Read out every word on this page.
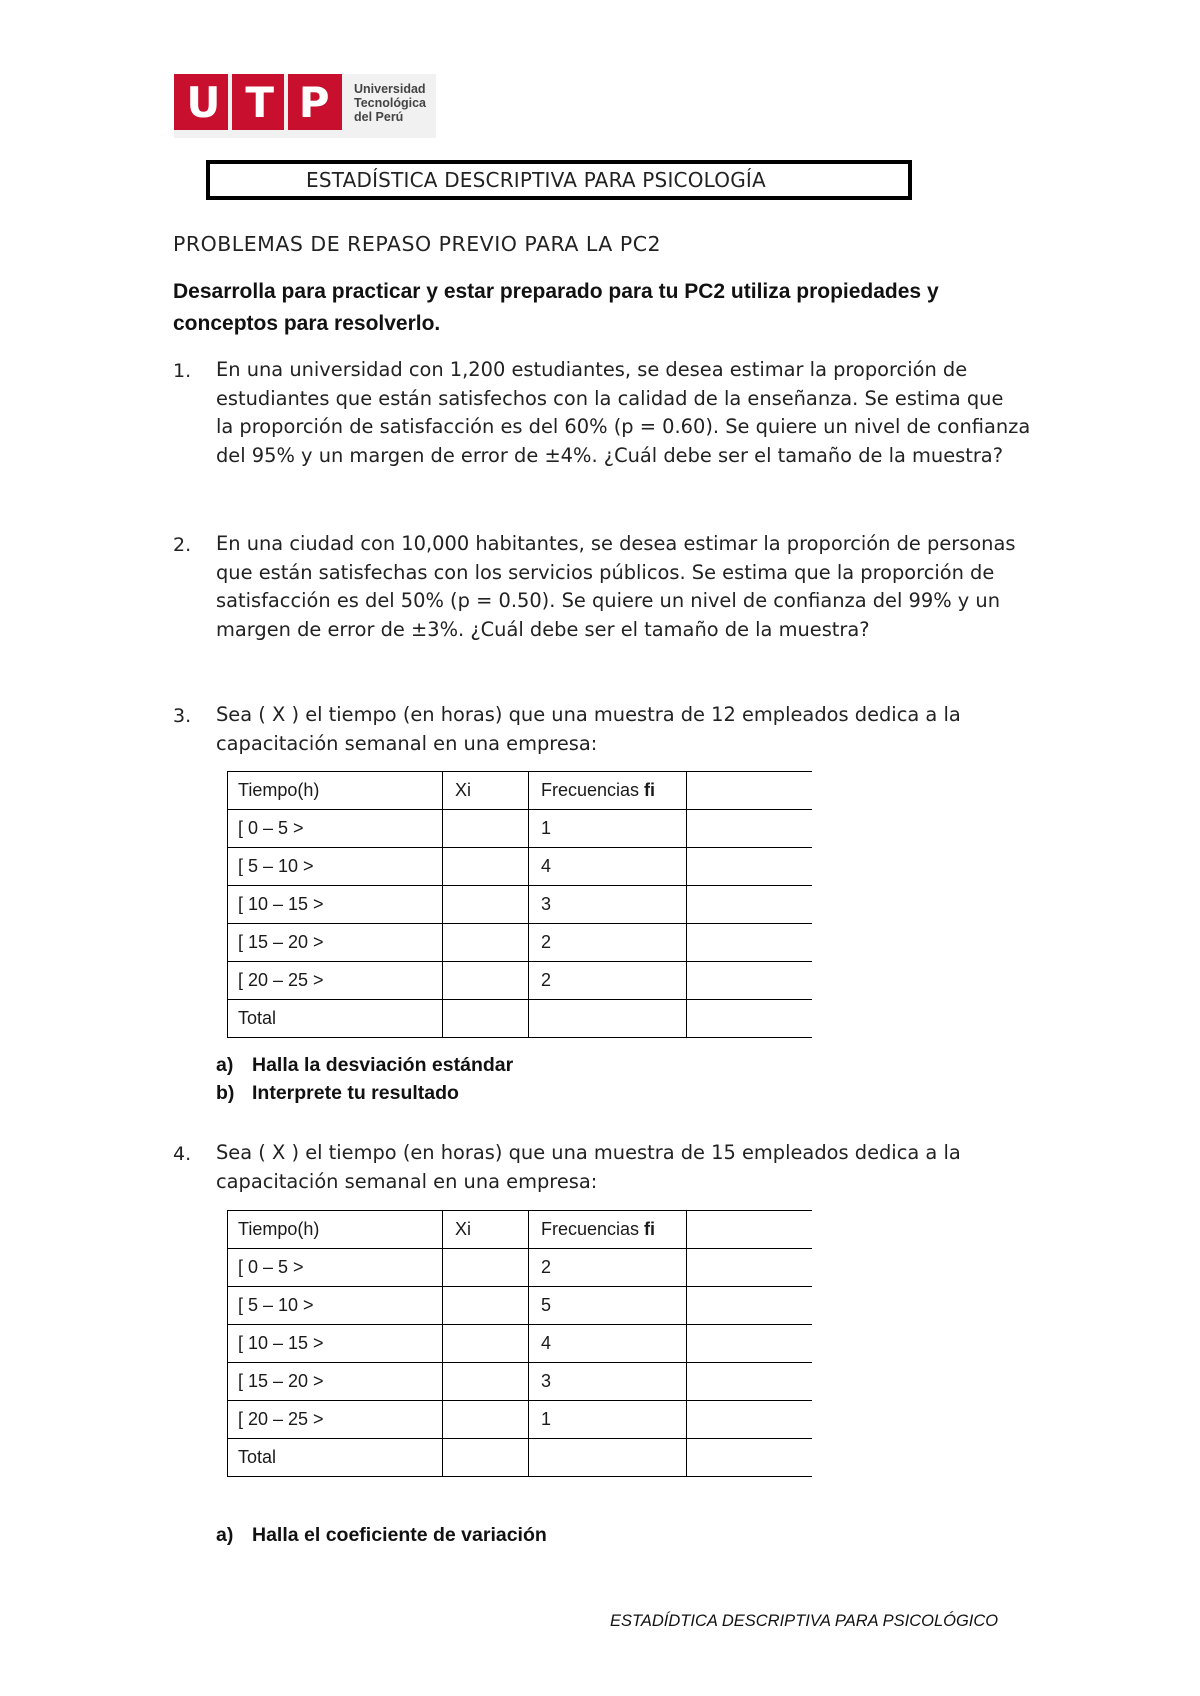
U T P Universidad
Tecnológica
del Perú
ESTADÍSTICA DESCRIPTIVA PARA PSICOLOGÍA
PROBLEMAS DE REPASO PREVIO PARA LA PC2
Desarrolla para practicar y estar preparado para tu PC2 utiliza propiedades y
conceptos para resolverlo.
1. En una universidad con 1,200 estudiantes, se desea estimar la proporción de
estudiantes que están satisfechos con la calidad de la enseñanza. Se estima que
la proporción de satisfacción es del 60% (p = 0.60). Se quiere un nivel de confianza
del 95% y un margen de error de ±4%. ¿Cuál debe ser el tamaño de la muestra?
2. En una ciudad con 10,000 habitantes, se desea estimar la proporción de personas
que están satisfechas con los servicios públicos. Se estima que la proporción de
satisfacción es del 50% (p = 0.50). Se quiere un nivel de confianza del 99% y un
margen de error de ±3%. ¿Cuál debe ser el tamaño de la muestra?
3. Sea ( X ) el tiempo (en horas) que una muestra de 12 empleados dedica a la
capacitación semanal en una empresa:
Tiempo(h)	Xi	Frecuencias fi	
[ 0 – 5 >		1	
[ 5 – 10 >		4	
[ 10 – 15 >		3	
[ 15 – 20 >		2	
[ 20 – 25 >		2	
Total			
a) Halla la desviación estándar
b) Interprete tu resultado
4. Sea ( X ) el tiempo (en horas) que una muestra de 15 empleados dedica a la
capacitación semanal en una empresa:
Tiempo(h)	Xi	Frecuencias fi	
[ 0 – 5 >		2	
[ 5 – 10 >		5	
[ 10 – 15 >		4	
[ 15 – 20 >		3	
[ 20 – 25 >		1	
Total			
a) Halla el coeficiente de variación
ESTADÍDTICA DESCRIPTIVA PARA PSICOLÓGICO
